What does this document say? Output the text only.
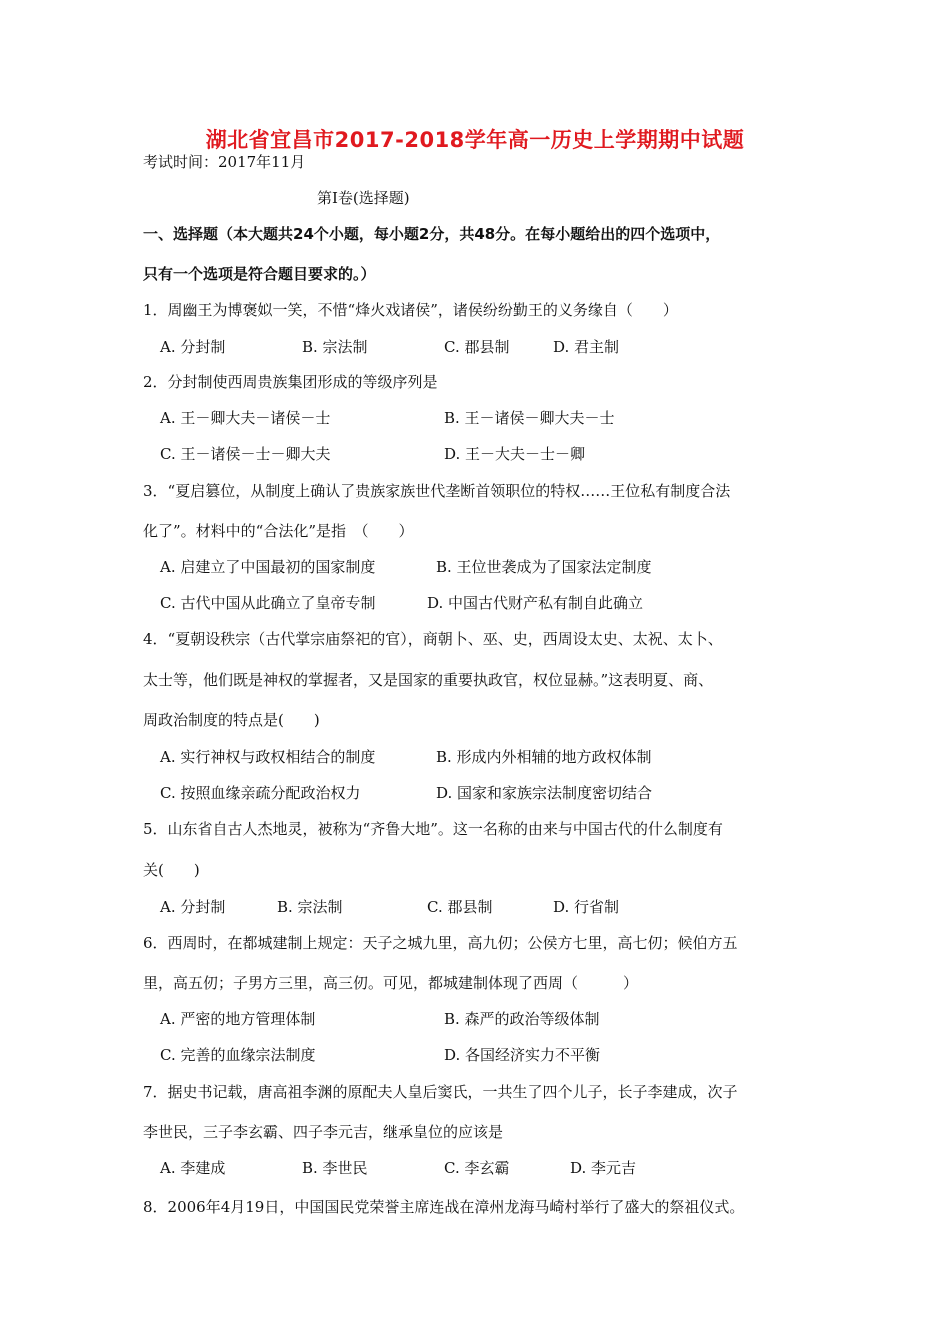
湖北省宜昌市2017-2018学年高一历史上学期期中试题
考试时间：2017年11月
第Ⅰ卷(选择题)
一、选择题（本大题共24个小题，每小题2分，共48分。在每小题给出的四个选项中，
只有一个选项是符合题目要求的。）
1．周幽王为博褒姒一笑，不惜“烽火戏诸侯”，诸侯纷纷勤王的义务缘自（　　）
A. 分封制	B. 宗法制	C. 郡县制	D. 君主制
2．分封制使西周贵族集团形成的等级序列是
A. 王－卿大夫－诸侯－士	B. 王－诸侯－卿大夫－士
C. 王－诸侯－士－卿大夫	D. 王－大夫－士－卿
3．“夏启篡位，从制度上确认了贵族家族世代垄断首领职位的特权……王位私有制度合法
化了”。材料中的“合法化”是指　（　　）
A. 启建立了中国最初的国家制度	B. 王位世袭成为了国家法定制度
C. 古代中国从此确立了皇帝专制	D. 中国古代财产私有制自此确立
4．“夏朝设秩宗（古代掌宗庙祭祀的官），商朝卜、巫、史，西周设太史、太祝、太卜、
太士等，他们既是神权的掌握者，又是国家的重要执政官，权位显赫。”这表明夏、商、
周政治制度的特点是(　　)
A. 实行神权与政权相结合的制度	B. 形成内外相辅的地方政权体制
C. 按照血缘亲疏分配政治权力	D. 国家和家族宗法制度密切结合
5．山东省自古人杰地灵，被称为“齐鲁大地”。这一名称的由来与中国古代的什么制度有
关(　　)
A. 分封制	B. 宗法制	C. 郡县制	D. 行省制
6．西周时，在都城建制上规定：天子之城九里，高九仞；公侯方七里，高七仞；候伯方五
里，高五仞；子男方三里，高三仞。可见，都城建制体现了西周（　　　）
A. 严密的地方管理体制	B. 森严的政治等级体制
C. 完善的血缘宗法制度	D. 各国经济实力不平衡
7．据史书记载，唐高祖李渊的原配夫人皇后窦氏，一共生了四个儿子，长子李建成，次子
李世民，三子李玄霸、四子李元吉，继承皇位的应该是
A. 李建成	B. 李世民	C. 李玄霸	D. 李元吉
8．2006年4月19日，中国国民党荣誉主席连战在漳州龙海马崎村举行了盛大的祭祖仪式。
